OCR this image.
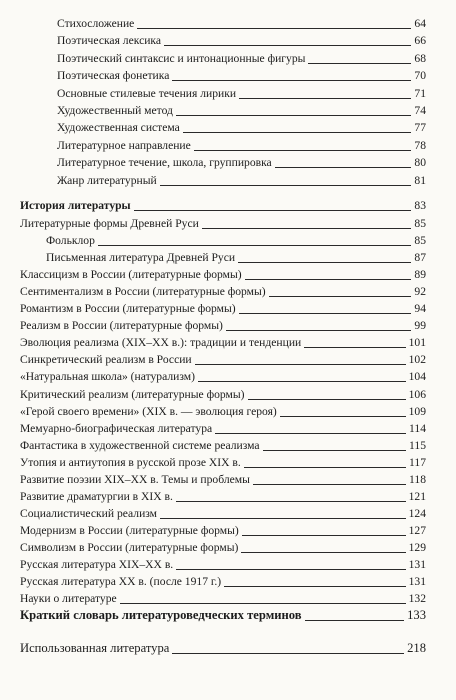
Стихосложение	64
Поэтическая лексика	66
Поэтический синтаксис и интонационные фигуры	68
Поэтическая фонетика	70
Основные стилевые течения лирики	71
Художественный метод	74
Художественная система	77
Литературное направление	78
Литературное течение, школа, группировка	80
Жанр литературный	81
История литературы	83
Литературные формы Древней Руси	85
Фольклор	85
Письменная литература Древней Руси	87
Классицизм в России (литературные формы)	89
Сентиментализм в России (литературные формы)	92
Романтизм в России (литературные формы)	94
Реализм в России (литературные формы)	99
Эволюция реализма (XIX–XX в.): традиции и тенденции	101
Синкретический реализм в России	102
«Натуральная школа» (натурализм)	104
Критический реализм (литературные формы)	106
«Герой своего времени» (XIX в. — эволюция героя)	109
Мемуарно-биографическая литература	114
Фантастика в художественной системе реализма	115
Утопия и антиутопия в русской прозе XIX в.	117
Развитие поэзии XIX–XX в. Темы и проблемы	118
Развитие драматургии в XIX в.	121
Социалистический реализм	124
Модернизм в России (литературные формы)	127
Символизм в России (литературные формы)	129
Русская литература XIX–XX в.	131
Русская литература XX в. (после 1917 г.)	131
Науки о литературе	132
Краткий словарь литературоведческих терминов	133
Использованная литература	218
